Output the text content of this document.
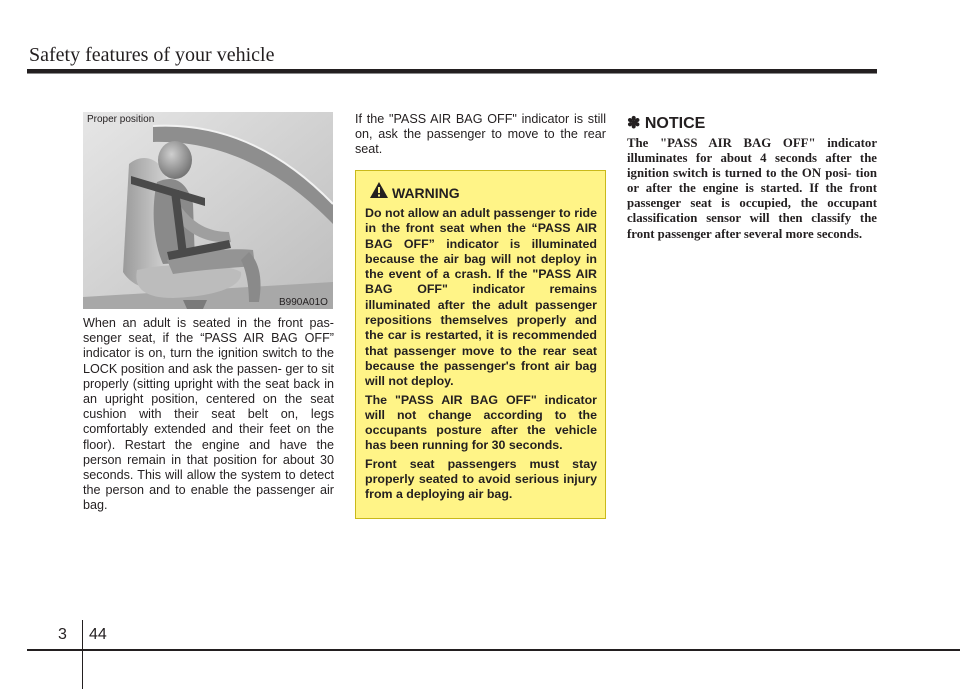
Safety features of your vehicle
Proper position
B990A01O
When an adult is seated in the front pas- senger seat, if the “PASS AIR BAG OFF” indicator is on, turn the ignition switch to the LOCK position and ask the passen- ger to sit properly (sitting upright with the seat back in an upright position, centered on the seat cushion with their seat belt on, legs comfortably extended and their feet on the floor). Restart the engine and have the person remain in that position for about 30 seconds. This will allow the system to detect the person and to enable the passenger air bag.
If the "PASS AIR BAG OFF" indicator is still on, ask the passenger to move to the rear seat.
WARNING

Do not allow an adult passenger to ride in the front seat when the “PASS AIR BAG OFF” indicator is illuminated because the air bag will not deploy in the event of a crash. If the "PASS AIR BAG OFF" indicator remains illuminated after the adult passenger repositions themselves properly and the car is restarted, it is recommended that passenger move to the rear seat because the passenger's front air bag will not deploy.

The "PASS AIR BAG OFF" indicator will not change according to the occupants posture after the vehicle has been running for 30 seconds.

Front seat passengers must stay properly seated to avoid serious injury from a deploying air bag.

✽ NOTICE
The "PASS AIR BAG OFF" indicator illuminates for about 4 seconds after the ignition switch is turned to the ON posi- tion or after the engine is started. If the front passenger seat is occupied, the occupant classification sensor will then classify the front passenger after several more seconds.
3 44
